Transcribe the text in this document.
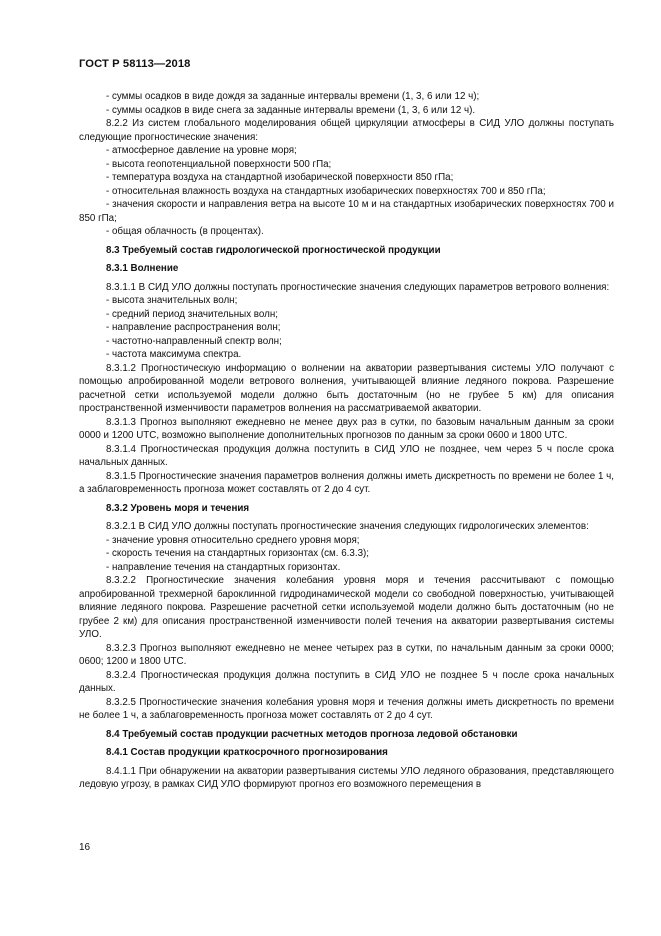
ГОСТ Р 58113—2018

- суммы осадков в виде дождя за заданные интервалы времени (1, 3, 6 или 12 ч);

- суммы осадков в виде снега за заданные интервалы времени (1, 3, 6 или 12 ч).

8.2.2 Из систем глобального моделирования общей циркуляции атмосферы в СИД УЛО должны поступать следующие прогностические значения:

- атмосферное давление на уровне моря;

- высота геопотенциальной поверхности 500 гПа;

- температура воздуха на стандартной изобарической поверхности 850 гПа;

- относительная влажность воздуха на стандартных изобарических поверхностях 700 и 850 гПа;

- значения скорости и направления ветра на высоте 10 м и на стандартных изобарических поверхностях 700 и 850 гПа;

- общая облачность (в процентах).

8.3 Требуемый состав гидрологической прогностической продукции

8.3.1 Волнение

8.3.1.1 В СИД УЛО должны поступать прогностические значения следующих параметров ветрового волнения:

- высота значительных волн;

- средний период значительных волн;

- направление распространения волн;

- частотно-направленный спектр волн;

- частота максимума спектра.

8.3.1.2 Прогностическую информацию о волнении на акватории развертывания системы УЛО получают с помощью апробированной модели ветрового волнения, учитывающей влияние ледяного покрова. Разрешение расчетной сетки используемой модели должно быть достаточным (но не грубее 5 км) для описания пространственной изменчивости параметров волнения на рассматриваемой акватории.

8.3.1.3 Прогноз выполняют ежедневно не менее двух раз в сутки, по базовым начальным данным за сроки 0000 и 1200 UTC, возможно выполнение дополнительных прогнозов по данным за сроки 0600 и 1800 UTC.

8.3.1.4 Прогностическая продукция должна поступить в СИД УЛО не позднее, чем через 5 ч после срока начальных данных.

8.3.1.5 Прогностические значения параметров волнения должны иметь дискретность по времени не более 1 ч, а заблаговременность прогноза может составлять от 2 до 4 сут.

8.3.2 Уровень моря и течения

8.3.2.1 В СИД УЛО должны поступать прогностические значения следующих гидрологических элементов:

- значение уровня относительно среднего уровня моря;

- скорость течения на стандартных горизонтах (см. 6.3.3);

- направление течения на стандартных горизонтах.

8.3.2.2 Прогностические значения колебания уровня моря и течения рассчитывают с помощью апробированной трехмерной бароклинной гидродинамической модели со свободной поверхностью, учитывающей влияние ледяного покрова. Разрешение расчетной сетки используемой модели должно быть достаточным (но не грубее 2 км) для описания пространственной изменчивости полей течения на акватории развертывания системы УЛО.

8.3.2.3 Прогноз выполняют ежедневно не менее четырех раз в сутки, по начальным данным за сроки 0000; 0600; 1200 и 1800 UTC.

8.3.2.4 Прогностическая продукция должна поступить в СИД УЛО не позднее 5 ч после срока начальных данных.

8.3.2.5 Прогностические значения колебания уровня моря и течения должны иметь дискретность по времени не более 1 ч, а заблаговременность прогноза может составлять от 2 до 4 сут.

8.4 Требуемый состав продукции расчетных методов прогноза ледовой обстановки

8.4.1 Состав продукции краткосрочного прогнозирования

8.4.1.1 При обнаружении на акватории развертывания системы УЛО ледяного образования, представляющего ледовую угрозу, в рамках СИД УЛО формируют прогноз его возможного перемещения в

16
